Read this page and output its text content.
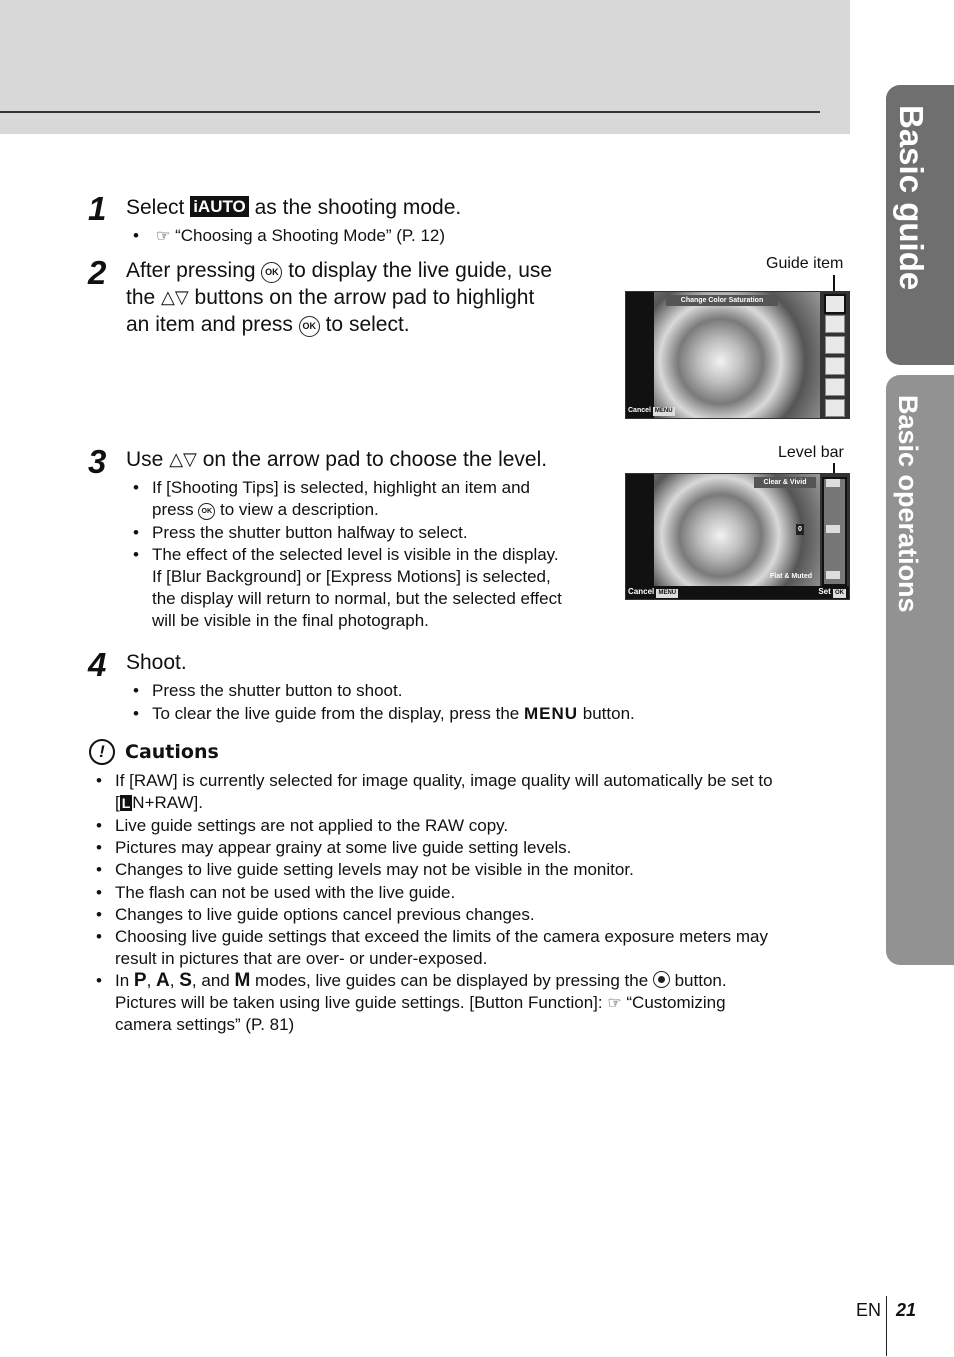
Basic guide
Basic operations
1 Select iAUTO as the shooting mode.
• ☞ “Choosing a Shooting Mode” (P. 12)
2 After pressing OK to display the live guide, use
the △▽ buttons on the arrow pad to highlight
an item and press OK to select.
Guide item
Change Color Saturation
Cancel MENU
3 Use △▽ on the arrow pad to choose the level.
• If [Shooting Tips] is selected, highlight an item and
press OK to view a description.
• Press the shutter button halfway to select.
• The effect of the selected level is visible in the display.
If [Blur Background] or [Express Motions] is selected,
the display will return to normal, but the selected effect
will be visible in the final photograph.
Level bar
Clear & Vivid
Flat & Muted
0
Cancel MENU	Set OK
4 Shoot.
• Press the shutter button to shoot.
• To clear the live guide from the display, press the MENU button.
!	Cautions
• If [RAW] is currently selected for image quality, image quality will automatically be set to
[ L N+RAW].
• Live guide settings are not applied to the RAW copy.
• Pictures may appear grainy at some live guide setting levels.
• Changes to live guide setting levels may not be visible in the monitor.
• The flash can not be used with the live guide.
• Changes to live guide options cancel previous changes.
• Choosing live guide settings that exceed the limits of the camera exposure meters may
result in pictures that are over- or under-exposed.
• In P, A, S, and M modes, live guides can be displayed by pressing the  button.
Pictures will be taken using live guide settings. [Button Function]: ☞ “Customizing
camera settings” (P. 81)
EN 21
